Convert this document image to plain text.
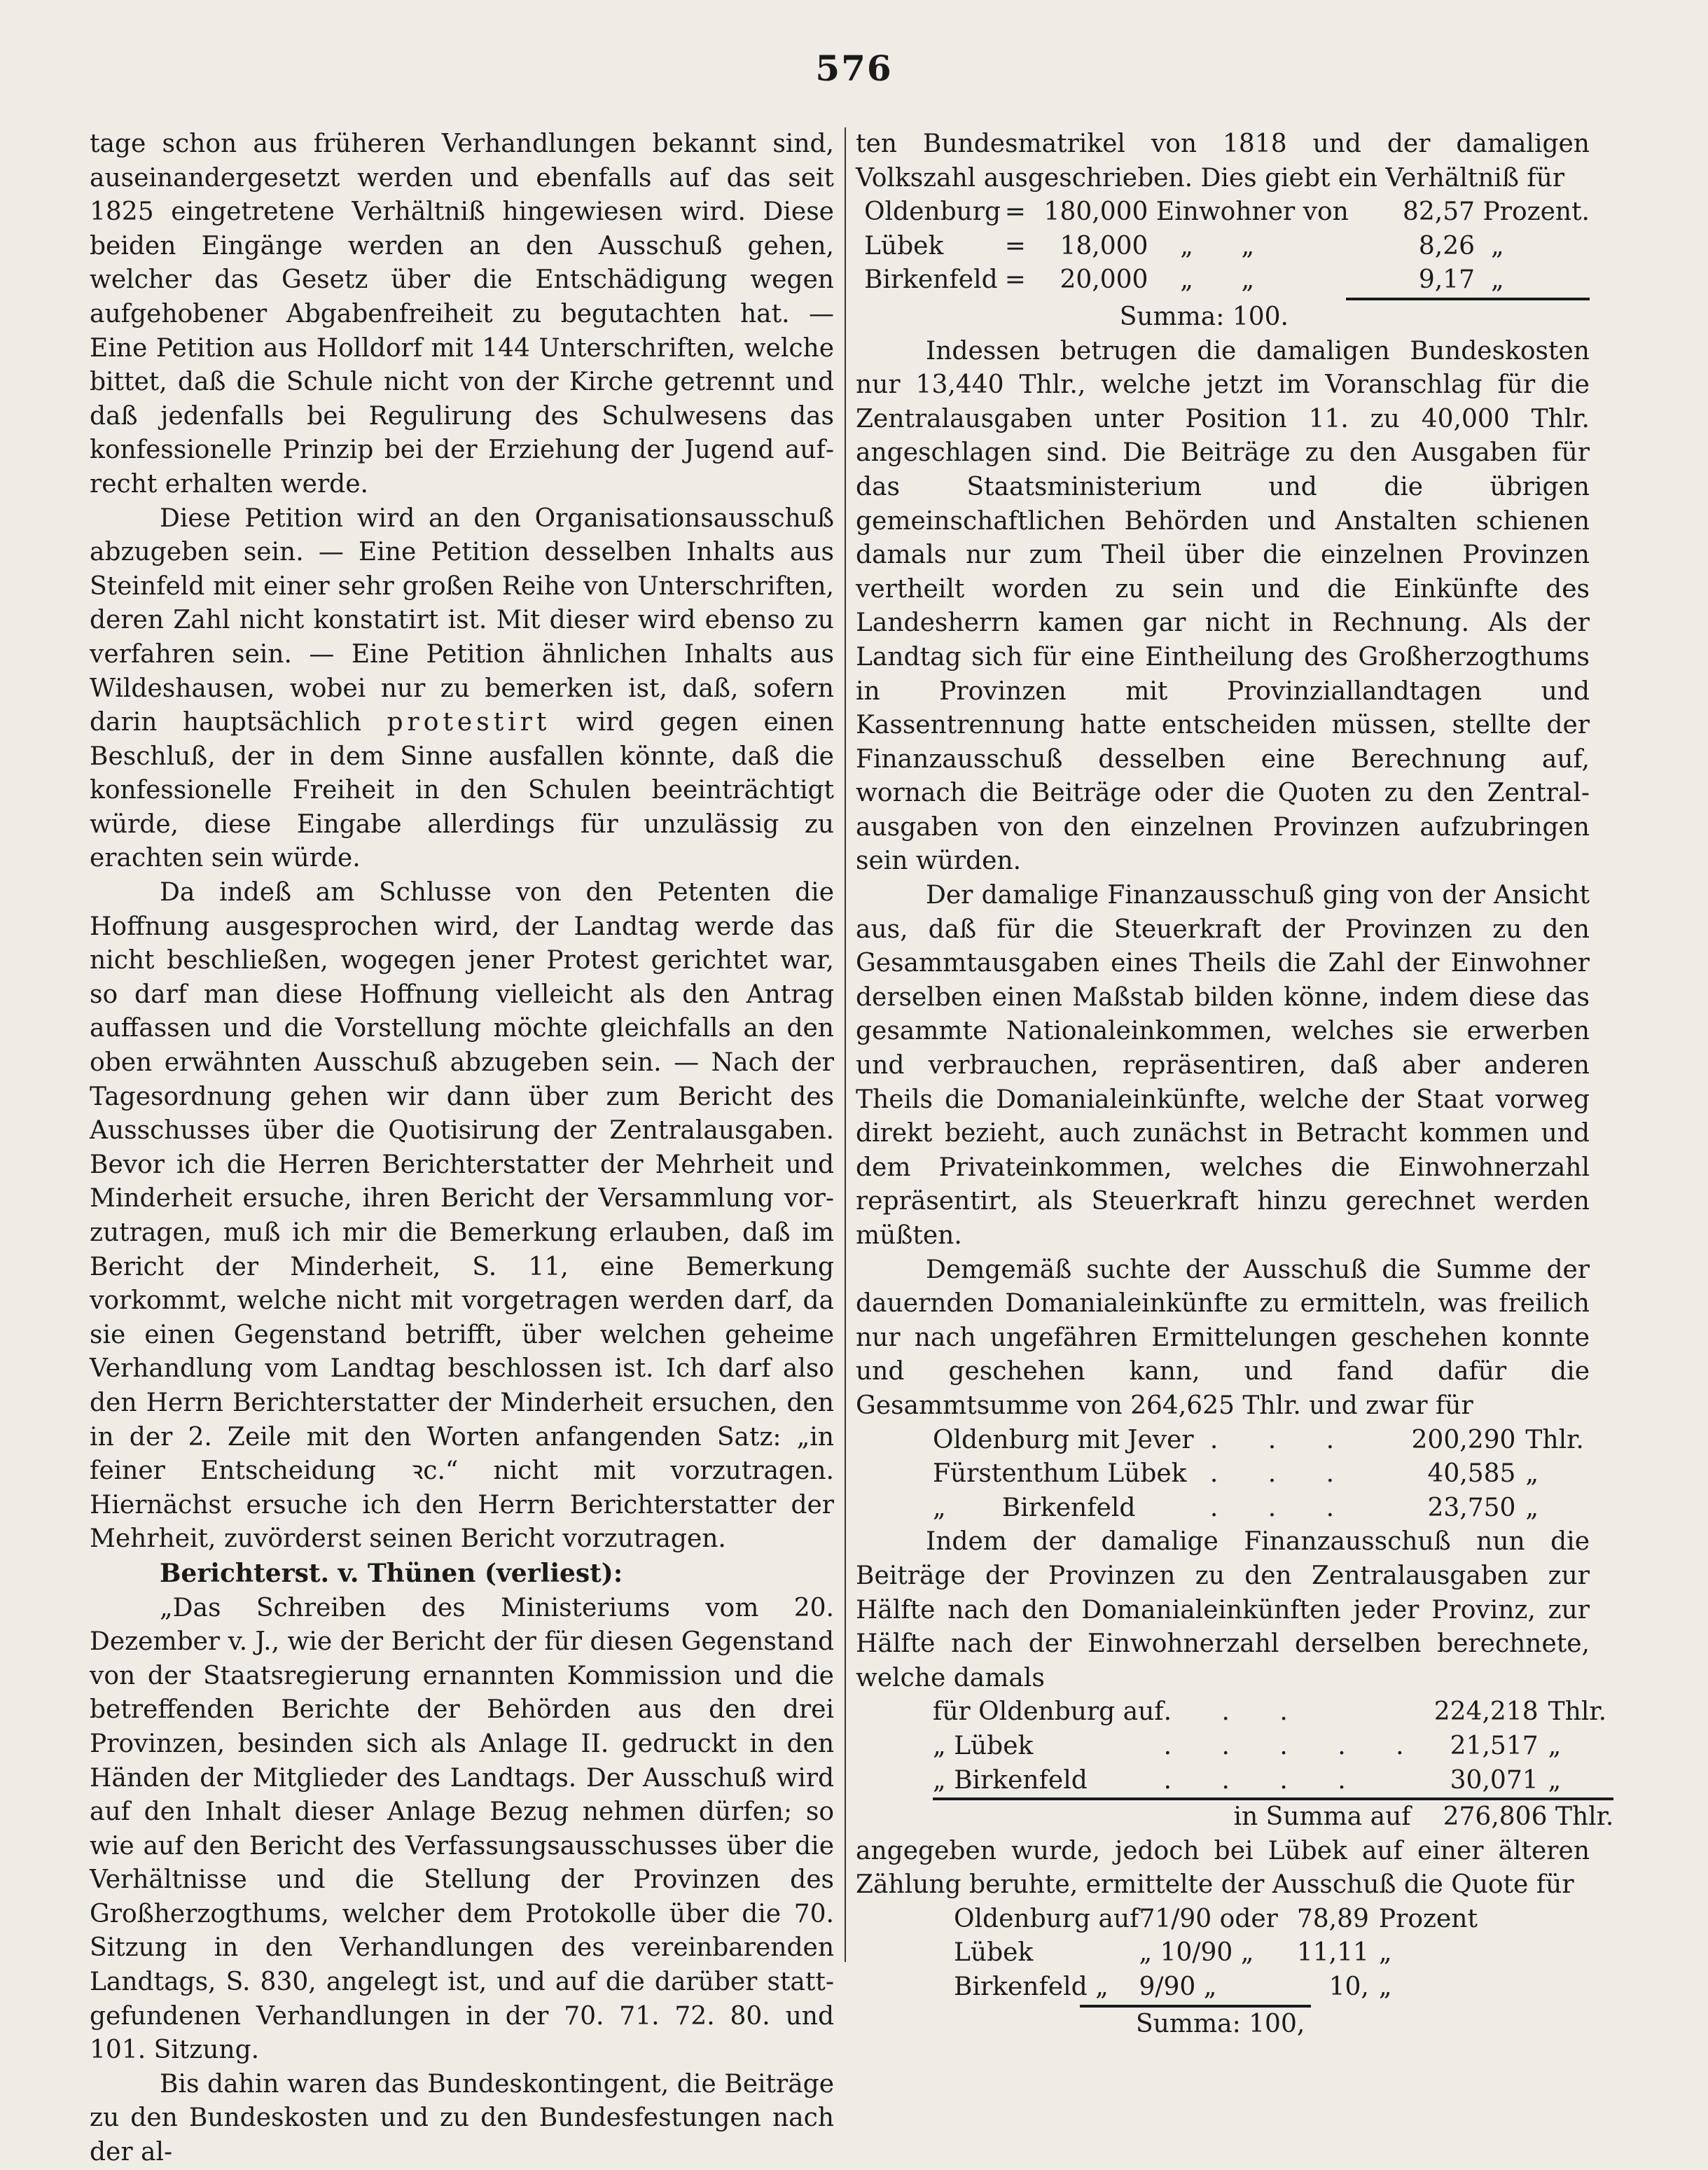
576

tage schon aus früheren Verhandlungen bekannt sind, auseinandergesetzt werden und ebenfalls auf das seit 1825 eingetretene Verhältniß hingewiesen wird. Diese beiden Eingänge werden an den Ausschuß gehen, welcher das Gesetz über die Entschädigung wegen aufgehobener Abgabenfreiheit zu begutachten hat. — Eine Petition aus Holldorf mit 144 Unterschriften, welche bittet, daß die Schule nicht von der Kirche getrennt und daß jedenfalls bei Regulirung des Schulwesens das konfessionelle Prinzip bei der Erziehung der Jugend aufrecht erhalten werde.

Diese Petition wird an den Organisationsausschuß abzugeben sein. — Eine Petition desselben Inhalts aus Steinfeld mit einer sehr großen Reihe von Unterschriften, deren Zahl nicht konstatirt ist. Mit dieser wird ebenso zu verfahren sein. — Eine Petition ähnlichen Inhalts aus Wildeshausen, wobei nur zu bemerken ist, daß, sofern darin hauptsächlich protestirt wird gegen einen Beschluß, der in dem Sinne ausfallen könnte, daß die konfessionelle Freiheit in den Schulen beeinträchtigt würde, diese Eingabe allerdings für unzulässig zu erachten sein würde.

Da indeß am Schlusse von den Petenten die Hoffnung ausgesprochen wird, der Landtag werde das nicht beschließen, wogegen jener Protest gerichtet war, so darf man diese Hoffnung vielleicht als den Antrag auffassen und die Vorstellung möchte gleichfalls an den oben erwähnten Ausschuß abzugeben sein. — Nach der Tagesordnung gehen wir dann über zum Bericht des Ausschusses über die Quotisirung der Zentralausgaben. Bevor ich die Herren Berichterstatter der Mehrheit und Minderheit ersuche, ihren Bericht der Versammlung vorzutragen, muß ich mir die Bemerkung erlauben, daß im Bericht der Minderheit, S. 11, eine Bemerkung vorkommt, welche nicht mit vorgetragen werden darf, da sie einen Gegenstand betrifft, über welchen geheime Verhandlung vom Landtag beschlossen ist. Ich darf also den Herrn Berichterstatter der Minderheit ersuchen, den in der 2. Zeile mit den Worten anfangenden Satz: „in feiner Entscheidung ꝛc.“ nicht mit vorzutragen. Hiernächst ersuche ich den Herrn Berichterstatter der Mehrheit, zuvörderst seinen Bericht vorzutragen.

Berichterst. v. Thünen (verliest):

„Das Schreiben des Ministeriums vom 20. Dezember v. J., wie der Bericht der für diesen Gegenstand von der Staatsregierung ernannten Kommission und die betreffenden Berichte der Behörden aus den drei Provinzen, besinden sich als Anlage II. gedruckt in den Händen der Mitglieder des Landtags. Der Ausschuß wird auf den Inhalt dieser Anlage Bezug nehmen dürfen; so wie auf den Bericht des Verfassungsausschusses über die Verhältnisse und die Stellung der Provinzen des Großherzogthums, welcher dem Protokolle über die 70. Sitzung in den Verhandlungen des vereinbarenden Landtags, S. 830, angelegt ist, und auf die darüber stattgefundenen Verhandlungen in der 70. 71. 72. 80. und 101. Sitzung.

Bis dahin waren das Bundeskontingent, die Beiträge zu den Bundeskosten und zu den Bundesfestungen nach der al-

ten Bundesmatrikel von 1818 und der damaligen Volkszahl ausgeschrieben. Dies giebt ein Verhältniß für

Oldenburg	=	180,000	Einwohner von	82,57	Prozent.
Lübek	=	18,000	„ „	8,26	„
Birkenfeld	=	20,000	„ „	9,17	„

Summa: 100.

Indessen betrugen die damaligen Bundeskosten nur 13,440 Thlr., welche jetzt im Voranschlag für die Zentralausgaben unter Position 11. zu 40,000 Thlr. angeschlagen sind. Die Beiträge zu den Ausgaben für das Staatsministerium und die übrigen gemeinschaftlichen Behörden und Anstalten schienen damals nur zum Theil über die einzelnen Provinzen vertheilt worden zu sein und die Einkünfte des Landesherrn kamen gar nicht in Rechnung. Als der Landtag sich für eine Eintheilung des Großherzogthums in Provinzen mit Provinziallandtagen und Kassentrennung hatte entscheiden müssen, stellte der Finanzausschuß desselben eine Berechnung auf, wornach die Beiträge oder die Quoten zu den Zentralausgaben von den einzelnen Provinzen aufzubringen sein würden.

Der damalige Finanzausschuß ging von der Ansicht aus, daß für die Steuerkraft der Provinzen zu den Gesammtausgaben eines Theils die Zahl der Einwohner derselben einen Maßstab bilden könne, indem diese das gesammte Nationaleinkommen, welches sie erwerben und verbrauchen, repräsentiren, daß aber anderen Theils die Domanialeinkünfte, welche der Staat vorweg direkt bezieht, auch zunächst in Betracht kommen und dem Privateinkommen, welches die Einwohnerzahl repräsentirt, als Steuerkraft hinzu gerechnet werden müßten.

Demgemäß suchte der Ausschuß die Summe der dauernden Domanialeinkünfte zu ermitteln, was freilich nur nach ungefähren Ermittelungen geschehen konnte und geschehen kann, und fand dafür die Gesammtsumme von 264,625 Thlr. und zwar für

Oldenburg mit Jever	. . .	200,290	Thlr.
Fürstenthum Lübek	. . .	40,585	„
„       Birkenfeld	. . .	23,750	„

Indem der damalige Finanzausschuß nun die Beiträge der Provinzen zu den Zentralausgaben zur Hälfte nach den Domanialeinkünften jeder Provinz, zur Hälfte nach der Einwohnerzahl derselben berechnete, welche damals

für Oldenburg auf	. . .	224,218	Thlr.
„ Lübek	. . . . .	21,517	„
„ Birkenfeld	. . . .	30,071	„
in Summa auf		276,806 Thlr.	

angegeben wurde, jedoch bei Lübek auf einer älteren Zählung beruhte, ermittelte der Ausschuß die Quote für

Oldenburg auf	71/90 oder	78,89	Prozent
Lübek	„ 10/90 „	11,11	„
Birkenfeld „	9/90 „	10,	„

Summa: 100,
